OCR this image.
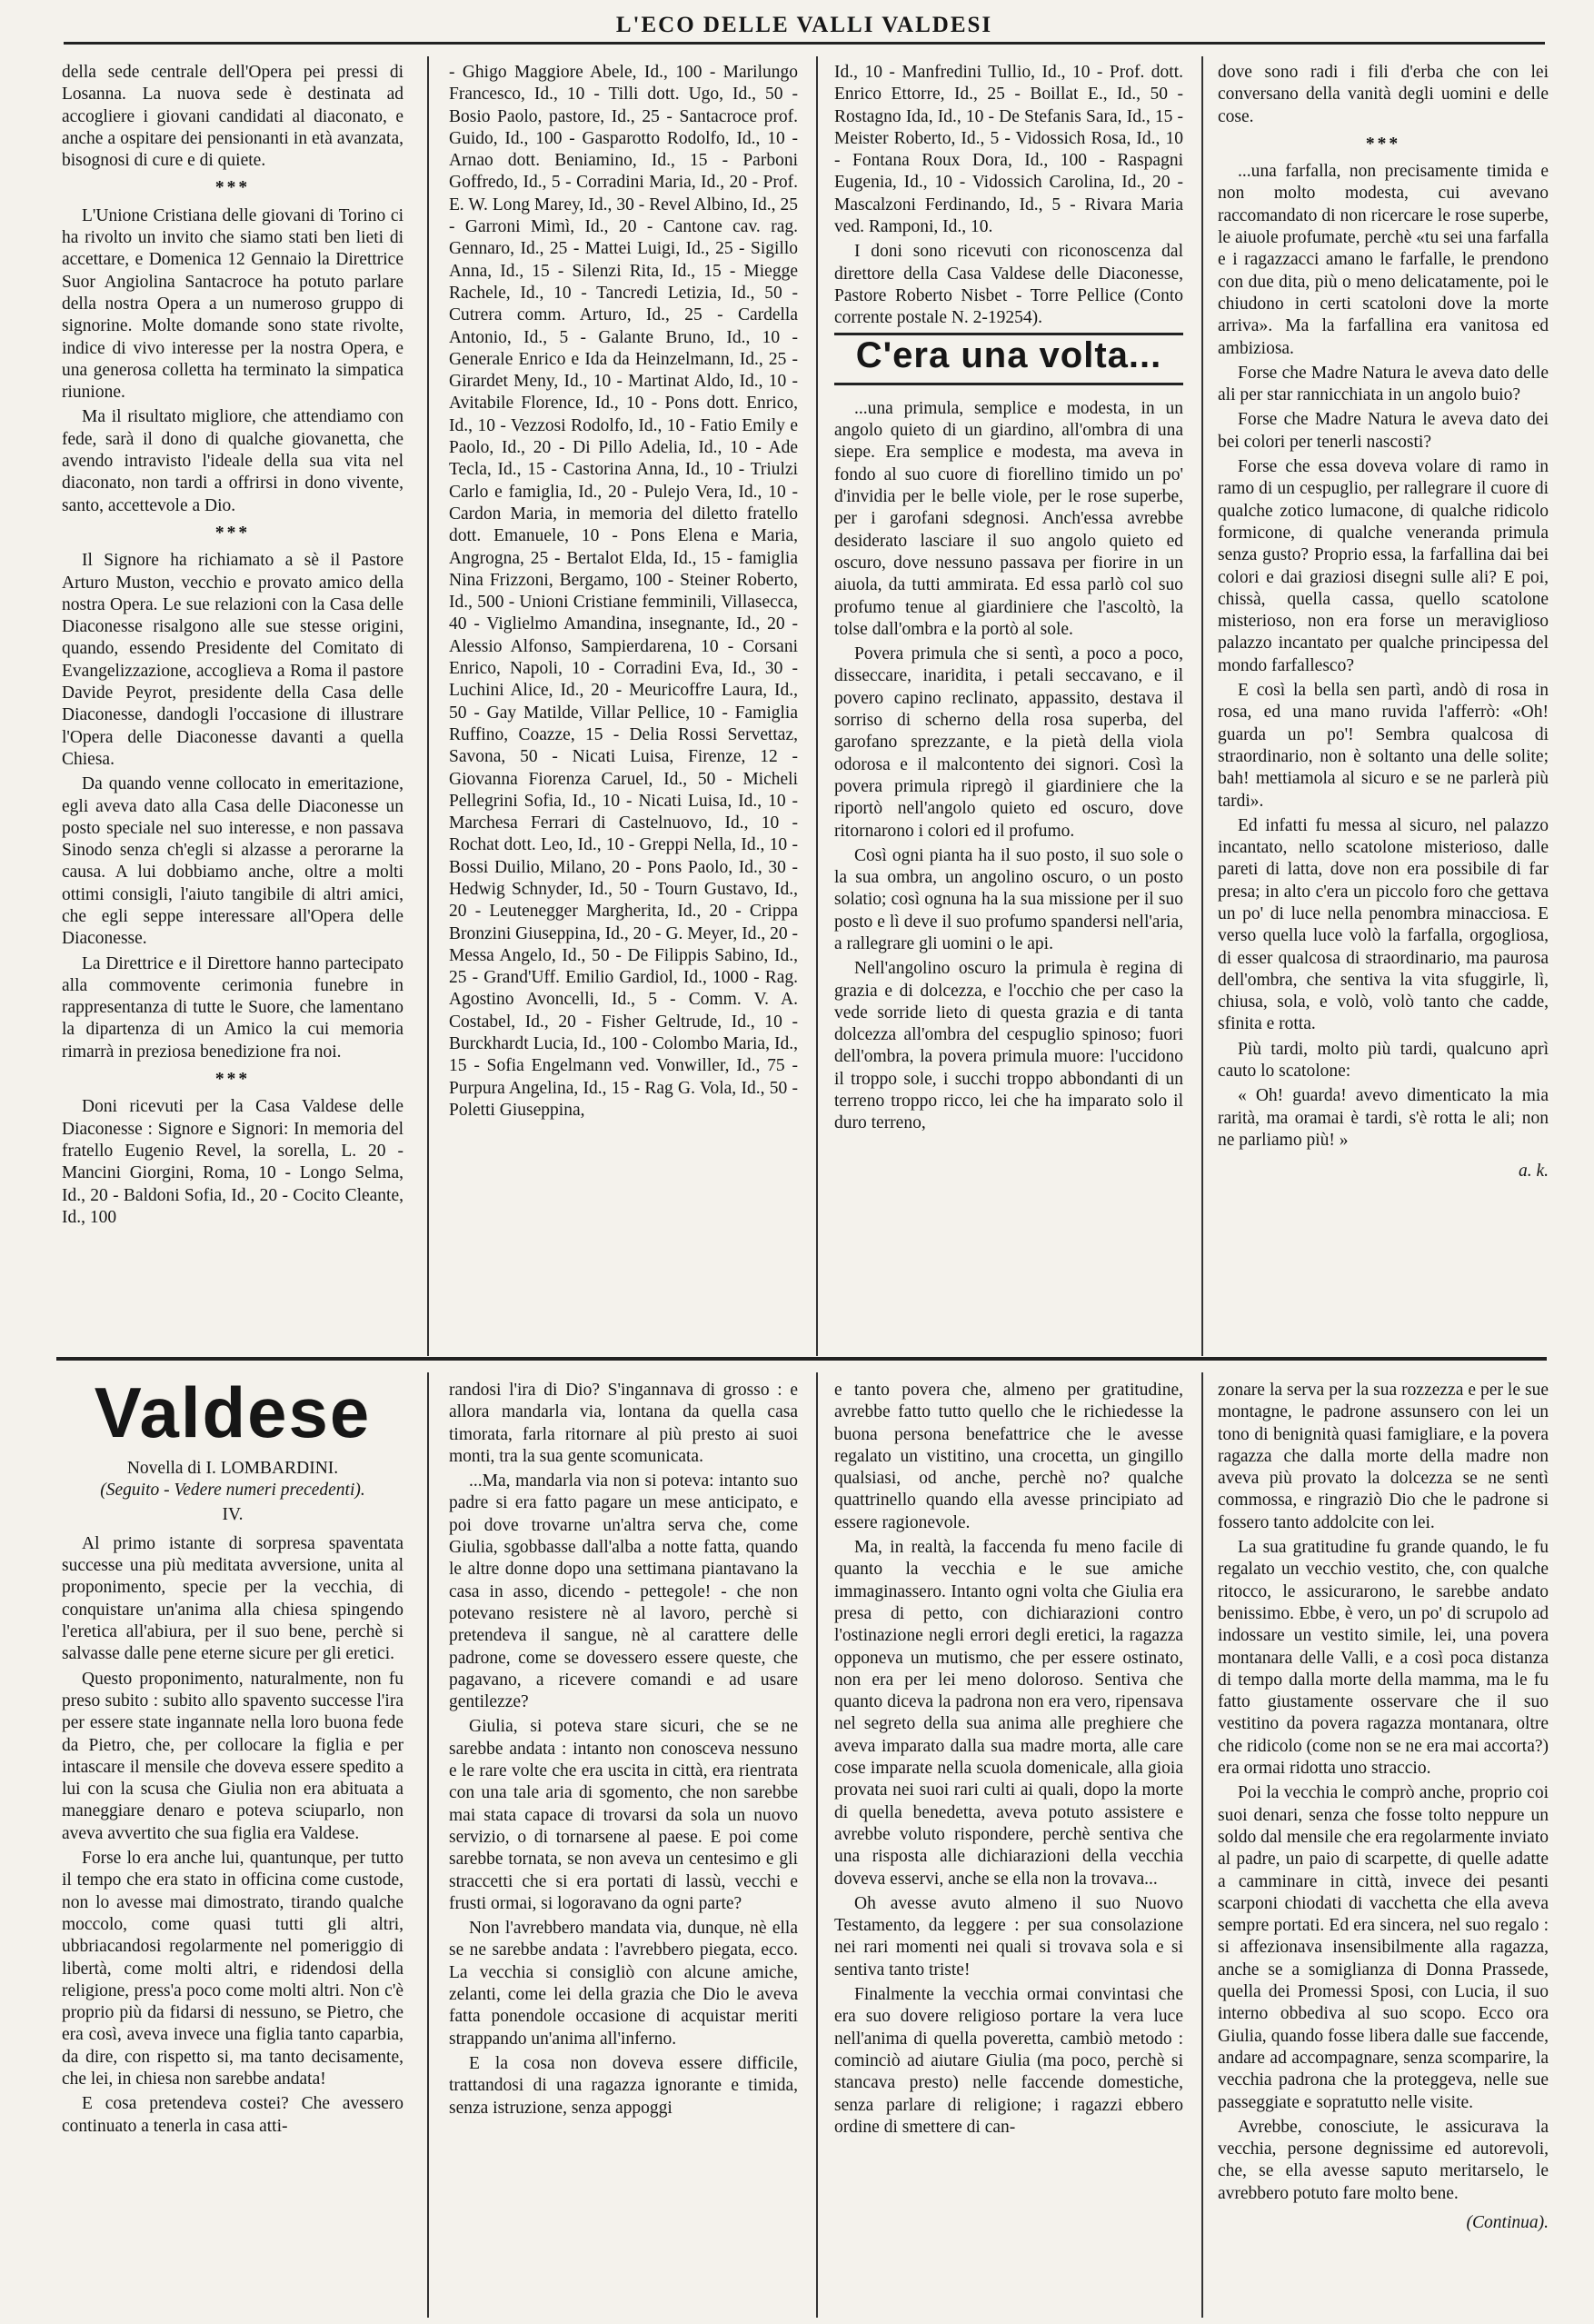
L'ECO DELLE VALLI VALDESI

della sede centrale dell'Opera pei pressi di Losanna. La nuova sede è destinata ad accogliere i giovani candidati al diaconato, e anche a ospitare dei pensionanti in età avanzata, bisognosi di cure e di quiete.

***

L'Unione Cristiana delle giovani di Torino ci ha rivolto un invito che siamo stati ben lieti di accettare, e Domenica 12 Gennaio la Direttrice Suor Angiolina Santacroce ha potuto parlare della nostra Opera a un numeroso gruppo di signorine. Molte domande sono state rivolte, indice di vivo interesse per la nostra Opera, e una generosa colletta ha terminato la simpatica riunione.

Ma il risultato migliore, che attendiamo con fede, sarà il dono di qualche giovanetta, che avendo intravisto l'ideale della sua vita nel diaconato, non tardi a offrirsi in dono vivente, santo, accettevole a Dio.

***

Il Signore ha richiamato a sè il Pastore Arturo Muston, vecchio e provato amico della nostra Opera. Le sue relazioni con la Casa delle Diaconesse risalgono alle sue stesse origini, quando, essendo Presidente del Comitato di Evangelizzazione, accoglieva a Roma il pastore Davide Peyrot, presidente della Casa delle Diaconesse, dandogli l'occasione di illustrare l'Opera delle Diaconesse davanti a quella Chiesa.

Da quando venne collocato in emeritazione, egli aveva dato alla Casa delle Diaconesse un posto speciale nel suo interesse, e non passava Sinodo senza ch'egli si alzasse a perorarne la causa. A lui dobbiamo anche, oltre a molti ottimi consigli, l'aiuto tangibile di altri amici, che egli seppe interessare all'Opera delle Diaconesse.

La Direttrice e il Direttore hanno partecipato alla commovente cerimonia funebre in rappresentanza di tutte le Suore, che lamentano la dipartenza di un Amico la cui memoria rimarrà in preziosa benedizione fra noi.

***

Doni ricevuti per la Casa Valdese delle Diaconesse : Signore e Signori: In memoria del fratello Eugenio Revel, la sorella, L. 20 - Mancini Giorgini, Roma, 10 - Longo Selma, Id., 20 - Baldoni Sofia, Id., 20 - Cocito Cleante, Id., 100

- Ghigo Maggiore Abele, Id., 100 - Marilungo Francesco, Id., 10 - Tilli dott. Ugo, Id., 50 - Bosio Paolo, pastore, Id., 25 - Santacroce prof. Guido, Id., 100 - Gasparotto Rodolfo, Id., 10 - Arnao dott. Beniamino, Id., 15 - Parboni Goffredo, Id., 5 - Corradini Maria, Id., 20 - Prof. E. W. Long Marey, Id., 30 - Revel Albino, Id., 25 - Garroni Mimì, Id., 20 - Cantone cav. rag. Gennaro, Id., 25 - Mattei Luigi, Id., 25 - Sigillo Anna, Id., 15 - Silenzi Rita, Id., 15 - Miegge Rachele, Id., 10 - Tancredi Letizia, Id., 50 - Cutrera comm. Arturo, Id., 25 - Cardella Antonio, Id., 5 - Galante Bruno, Id., 10 - Generale Enrico e Ida da Heinzelmann, Id., 25 - Girardet Meny, Id., 10 - Martinat Aldo, Id., 10 - Avitabile Florence, Id., 10 - Pons dott. Enrico, Id., 10 - Vezzosi Rodolfo, Id., 10 - Fatio Emily e Paolo, Id., 20 - Di Pillo Adelia, Id., 10 - Ade Tecla, Id., 15 - Castorina Anna, Id., 10 - Triulzi Carlo e famiglia, Id., 20 - Pulejo Vera, Id., 10 - Cardon Maria, in memoria del diletto fratello dott. Emanuele, 10 - Pons Elena e Maria, Angrogna, 25 - Bertalot Elda, Id., 15 - famiglia Nina Frizzoni, Bergamo, 100 - Steiner Roberto, Id., 500 - Unioni Cristiane femminili, Villasecca, 40 - Viglielmo Amandina, insegnante, Id., 20 - Alessio Alfonso, Sampierdarena, 10 - Corsani Enrico, Napoli, 10 - Corradini Eva, Id., 30 - Luchini Alice, Id., 20 - Meuricoffre Laura, Id., 50 - Gay Matilde, Villar Pellice, 10 - Famiglia Ruffino, Coazze, 15 - Delia Rossi Servettaz, Savona, 50 - Nicati Luisa, Firenze, 12 - Giovanna Fiorenza Caruel, Id., 50 - Micheli Pellegrini Sofia, Id., 10 - Nicati Luisa, Id., 10 - Marchesa Ferrari di Castelnuovo, Id., 10 - Rochat dott. Leo, Id., 10 - Greppi Nella, Id., 10 - Bossi Duilio, Milano, 20 - Pons Paolo, Id., 30 - Hedwig Schnyder, Id., 50 - Tourn Gustavo, Id., 20 - Leutenegger Margherita, Id., 20 - Crippa Bronzini Giuseppina, Id., 20 - G. Meyer, Id., 20 - Messa Angelo, Id., 50 - De Filippis Sabino, Id., 25 - Grand'Uff. Emilio Gardiol, Id., 1000 - Rag. Agostino Avoncelli, Id., 5 - Comm. V. A. Costabel, Id., 20 - Fisher Geltrude, Id., 10 - Burckhardt Lucia, Id., 100 - Colombo Maria, Id., 15 - Sofia Engelmann ved. Vonwiller, Id., 75 - Purpura Angelina, Id., 15 - Rag G. Vola, Id., 50 - Poletti Giuseppina,

Id., 10 - Manfredini Tullio, Id., 10 - Prof. dott. Enrico Ettorre, Id., 25 - Boillat E., Id., 50 - Rostagno Ida, Id., 10 - De Stefanis Sara, Id., 15 - Meister Roberto, Id., 5 - Vidossich Rosa, Id., 10 - Fontana Roux Dora, Id., 100 - Raspagni Eugenia, Id., 10 - Vidossich Carolina, Id., 20 - Mascalzoni Ferdinando, Id., 5 - Rivara Maria ved. Ramponi, Id., 10.

I doni sono ricevuti con riconoscenza dal direttore della Casa Valdese delle Diaconesse, Pastore Roberto Nisbet - Torre Pellice (Conto corrente postale N. 2-19254).

C'era una volta...

...una primula, semplice e modesta, in un angolo quieto di un giardino, all'ombra di una siepe. Era semplice e modesta, ma aveva in fondo al suo cuore di fiorellino timido un po' d'invidia per le belle viole, per le rose superbe, per i garofani sdegnosi. Anch'essa avrebbe desiderato lasciare il suo angolo quieto ed oscuro, dove nessuno passava per fiorire in un aiuola, da tutti ammirata. Ed essa parlò col suo profumo tenue al giardiniere che l'ascoltò, la tolse dall'ombra e la portò al sole.

Povera primula che si sentì, a poco a poco, disseccare, inaridita, i petali seccavano, e il povero capino reclinato, appassito, destava il sorriso di scherno della rosa superba, del garofano sprezzante, e la pietà della viola odorosa e il malcontento dei signori. Così la povera primula ripregò il giardiniere che la riportò nell'angolo quieto ed oscuro, dove ritornarono i colori ed il profumo.

Così ogni pianta ha il suo posto, il suo sole o la sua ombra, un angolino oscuro, o un posto solatio; così ognuna ha la sua missione per il suo posto e lì deve il suo profumo spandersi nell'aria, a rallegrare gli uomini o le api.

Nell'angolino oscuro la primula è regina di grazia e di dolcezza, e l'occhio che per caso la vede sorride lieto di questa grazia e di tanta dolcezza all'ombra del cespuglio spinoso; fuori dell'ombra, la povera primula muore: l'uccidono il troppo sole, i succhi troppo abbondanti di un terreno troppo ricco, lei che ha imparato solo il duro terreno,

dove sono radi i fili d'erba che con lei conversano della vanità degli uomini e delle cose.

***

...una farfalla, non precisamente timida e non molto modesta, cui avevano raccomandato di non ricercare le rose superbe, le aiuole profumate, perchè «tu sei una farfalla e i ragazzacci amano le farfalle, le prendono con due dita, più o meno delicatamente, poi le chiudono in certi scatoloni dove la morte arriva». Ma la farfallina era vanitosa ed ambiziosa.

Forse che Madre Natura le aveva dato delle ali per star rannicchiata in un angolo buio?

Forse che Madre Natura le aveva dato dei bei colori per tenerli nascosti?

Forse che essa doveva volare di ramo in ramo di un cespuglio, per rallegrare il cuore di qualche zotico lumacone, di qualche ridicolo formicone, di qualche veneranda primula senza gusto? Proprio essa, la farfallina dai bei colori e dai graziosi disegni sulle ali? E poi, chissà, quella cassa, quello scatolone misterioso, non era forse un meraviglioso palazzo incantato per qualche principessa del mondo farfallesco?

E così la bella sen partì, andò di rosa in rosa, ed una mano ruvida l'afferrò: «Oh! guarda un po'! Sembra qualcosa di straordinario, non è soltanto una delle solite; bah! mettiamola al sicuro e se ne parlerà più tardi».

Ed infatti fu messa al sicuro, nel palazzo incantato, nello scatolone misterioso, dalle pareti di latta, dove non era possibile di far presa; in alto c'era un piccolo foro che gettava un po' di luce nella penombra minacciosa. E verso quella luce volò la farfalla, orgogliosa, di esser qualcosa di straordinario, ma paurosa dell'ombra, che sentiva la vita sfuggirle, lì, chiusa, sola, e volò, volò tanto che cadde, sfinita e rotta.

Più tardi, molto più tardi, qualcuno aprì cauto lo scatolone:

« Oh! guarda! avevo dimenticato la mia rarità, ma oramai è tardi, s'è rotta le ali; non ne parliamo più! »

a. k.
Valdese
Novella di I. LOMBARDINI.
(Seguito - Vedere numeri precedenti).
IV.

Al primo istante di sorpresa spaventata successe una più meditata avversione, unita al proponimento, specie per la vecchia, di conquistare un'anima alla chiesa spingendo l'eretica all'abiura, per il suo bene, perchè si salvasse dalle pene eterne sicure per gli eretici.

Questo proponimento, naturalmente, non fu preso subito : subito allo spavento successe l'ira per essere state ingannate nella loro buona fede da Pietro, che, per collocare la figlia e per intascare il mensile che doveva essere spedito a lui con la scusa che Giulia non era abituata a maneggiare denaro e poteva sciuparlo, non aveva avvertito che sua figlia era Valdese.

Forse lo era anche lui, quantunque, per tutto il tempo che era stato in officina come custode, non lo avesse mai dimostrato, tirando qualche moccolo, come quasi tutti gli altri, ubbriacandosi regolarmente nel pomeriggio di libertà, come molti altri, e ridendosi della religione, press'a poco come molti altri. Non c'è proprio più da fidarsi di nessuno, se Pietro, che era così, aveva invece una figlia tanto caparbia, da dire, con rispetto si, ma tanto decisamente, che lei, in chiesa non sarebbe andata!

E cosa pretendeva costei? Che avessero continuato a tenerla in casa atti-

randosi l'ira di Dio? S'ingannava di grosso : e allora mandarla via, lontana da quella casa timorata, farla ritornare al più presto ai suoi monti, tra la sua gente scomunicata.

...Ma, mandarla via non si poteva: intanto suo padre si era fatto pagare un mese anticipato, e poi dove trovarne un'altra serva che, come Giulia, sgobbasse dall'alba a notte fatta, quando le altre donne dopo una settimana piantavano la casa in asso, dicendo - pettegole! - che non potevano resistere nè al lavoro, perchè si pretendeva il sangue, nè al carattere delle padrone, come se dovessero essere queste, che pagavano, a ricevere comandi e ad usare gentilezze?

Giulia, si poteva stare sicuri, che se ne sarebbe andata : intanto non conosceva nessuno e le rare volte che era uscita in città, era rientrata con una tale aria di sgomento, che non sarebbe mai stata capace di trovarsi da sola un nuovo servizio, o di tornarsene al paese. E poi come sarebbe tornata, se non aveva un centesimo e gli straccetti che si era portati di lassù, vecchi e frusti ormai, si logoravano da ogni parte?

Non l'avrebbero mandata via, dunque, nè ella se ne sarebbe andata : l'avrebbero piegata, ecco. La vecchia si consigliò con alcune amiche, zelanti, come lei della grazia che Dio le aveva fatta ponendole occasione di acquistar meriti strappando un'anima all'inferno.

E la cosa non doveva essere difficile, trattandosi di una ragazza ignorante e timida, senza istruzione, senza appoggi

e tanto povera che, almeno per gratitudine, avrebbe fatto tutto quello che le richiedesse la buona persona benefattrice che le avesse regalato un vistitino, una crocetta, un gingillo qualsiasi, od anche, perchè no? qualche quattrinello quando ella avesse principiato ad essere ragionevole.

Ma, in realtà, la faccenda fu meno facile di quanto la vecchia e le sue amiche immaginassero. Intanto ogni volta che Giulia era presa di petto, con dichiarazioni contro l'ostinazione negli errori degli eretici, la ragazza opponeva un mutismo, che per essere ostinato, non era per lei meno doloroso. Sentiva che quanto diceva la padrona non era vero, ripensava nel segreto della sua anima alle preghiere che aveva imparato dalla sua madre morta, alle care cose imparate nella scuola domenicale, alla gioia provata nei suoi rari culti ai quali, dopo la morte di quella benedetta, aveva potuto assistere e avrebbe voluto rispondere, perchè sentiva che una risposta alle dichiarazioni della vecchia doveva esservi, anche se ella non la trovava...

Oh avesse avuto almeno il suo Nuovo Testamento, da leggere : per sua consolazione nei rari momenti nei quali si trovava sola e si sentiva tanto triste!

Finalmente la vecchia ormai convintasi che era suo dovere religioso portare la vera luce nell'anima di quella poveretta, cambiò metodo : cominciò ad aiutare Giulia (ma poco, perchè si stancava presto) nelle faccende domestiche, senza parlare di religione; i ragazzi ebbero ordine di smettere di can-

zonare la serva per la sua rozzezza e per le sue montagne, le padrone assunsero con lei un tono di benignità quasi famigliare, e la povera ragazza che dalla morte della madre non aveva più provato la dolcezza se ne sentì commossa, e ringraziò Dio che le padrone si fossero tanto addolcite con lei.

La sua gratitudine fu grande quando, le fu regalato un vecchio vestito, che, con qualche ritocco, le assicurarono, le sarebbe andato benissimo. Ebbe, è vero, un po' di scrupolo ad indossare un vestito simile, lei, una povera montanara delle Valli, e a così poca distanza di tempo dalla morte della mamma, ma le fu fatto giustamente osservare che il suo vestitino da povera ragazza montanara, oltre che ridicolo (come non se ne era mai accorta?) era ormai ridotta uno straccio.

Poi la vecchia le comprò anche, proprio coi suoi denari, senza che fosse tolto neppure un soldo dal mensile che era regolarmente inviato al padre, un paio di scarpette, di quelle adatte a camminare in città, invece dei pesanti scarponi chiodati di vacchetta che ella aveva sempre portati. Ed era sincera, nel suo regalo : si affezionava insensibilmente alla ragazza, anche se a somiglianza di Donna Prassede, quella dei Promessi Sposi, con Lucia, il suo interno obbediva al suo scopo. Ecco ora Giulia, quando fosse libera dalle sue faccende, andare ad accompagnare, senza scomparire, la vecchia padrona che la proteggeva, nelle sue passeggiate e sopratutto nelle visite.

Avrebbe, conosciute, le assicurava la vecchia, persone degnissime ed autorevoli, che, se ella avesse saputo meritarselo, le avrebbero potuto fare molto bene.

(Continua).
